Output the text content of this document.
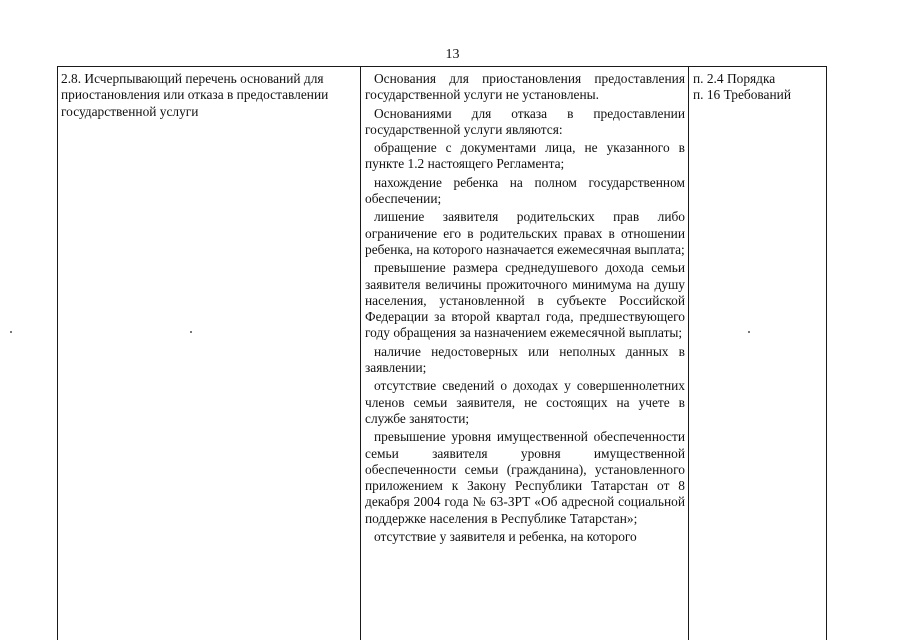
13

2.8. Исчерпывающий перечень оснований для приостановления или отказа в предоставлении государственной услуги

Основания для приостановления предоставления государственной услуги не установлены.

Основаниями для отказа в предоставлении государственной услуги являются:

обращение с документами лица, не указанного в пункте 1.2 настоящего Регламента;

нахождение ребенка на полном государственном обеспечении;

лишение заявителя родительских прав либо ограничение его в родительских правах в отношении ребенка, на которого назначается ежемесячная выплата;

превышение размера среднедушевого дохода семьи заявителя величины прожиточного минимума на душу населения, установленной в субъекте Российской Федерации за второй квартал года, предшествующего году обращения за назначением ежемесячной выплаты;

наличие недостоверных или неполных данных в заявлении;

отсутствие сведений о доходах у совершеннолетних членов семьи заявителя, не состоящих на учете в службе занятости;

превышение уровня имущественной обеспеченности семьи заявителя уровня имущественной обеспеченности семьи (гражданина), установленного приложением к Закону Республики Татарстан от 8 декабря 2004 года № 63-ЗРТ «Об адресной социальной поддержке населения в Республике Татарстан»;

отсутствие у заявителя и ребенка, на которого

п. 2.4 Порядка

п. 16 Требований
